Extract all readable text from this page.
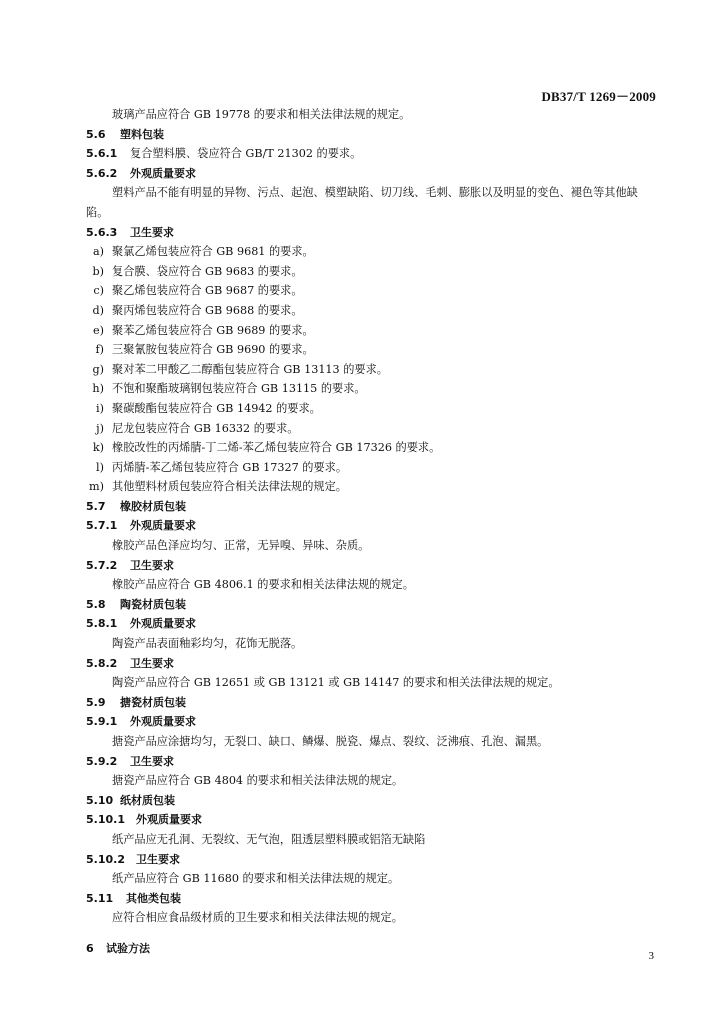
DB37/T 1269－2009
玻璃产品应符合 GB 19778 的要求和相关法律法规的规定。
5.6 塑料包装
5.6.1 复合塑料膜、袋应符合 GB/T 21302 的要求。
5.6.2 外观质量要求
塑料产品不能有明显的异物、污点、起泡、模塑缺陷、切刀线、毛刺、膨胀以及明显的变色、褪色等其他缺陷。
5.6.3 卫生要求
a) 聚氯乙烯包装应符合 GB 9681 的要求。
b) 复合膜、袋应符合 GB 9683 的要求。
c) 聚乙烯包装应符合 GB 9687 的要求。
d) 聚丙烯包装应符合 GB 9688 的要求。
e) 聚苯乙烯包装应符合 GB 9689 的要求。
f) 三聚氰胺包装应符合 GB 9690 的要求。
g) 聚对苯二甲酸乙二醇酯包装应符合 GB 13113 的要求。
h) 不饱和聚酯玻璃钢包装应符合 GB 13115 的要求。
i) 聚碳酸酯包装应符合 GB 14942 的要求。
j) 尼龙包装应符合 GB 16332 的要求。
k) 橡胶改性的丙烯腈-丁二烯-苯乙烯包装应符合 GB 17326 的要求。
l) 丙烯腈-苯乙烯包装应符合 GB 17327 的要求。
m) 其他塑料材质包装应符合相关法律法规的规定。
5.7 橡胶材质包装
5.7.1 外观质量要求
橡胶产品色泽应均匀、正常，无异嗅、异味、杂质。
5.7.2 卫生要求
橡胶产品应符合 GB 4806.1 的要求和相关法律法规的规定。
5.8 陶瓷材质包装
5.8.1 外观质量要求
陶瓷产品表面釉彩均匀，花饰无脱落。
5.8.2 卫生要求
陶瓷产品应符合 GB 12651 或 GB 13121 或 GB 14147 的要求和相关法律法规的规定。
5.9 搪瓷材质包装
5.9.1 外观质量要求
搪瓷产品应涂搪均匀，无裂口、缺口、鳞爆、脱瓷、爆点、裂纹、泛沸痕、孔泡、漏黑。
5.9.2 卫生要求
搪瓷产品应符合 GB 4804 的要求和相关法律法规的规定。
5.10 纸材质包装
5.10.1 外观质量要求
纸产品应无孔洞、无裂纹、无气泡，阻透层塑料膜或铝箔无缺陷
5.10.2 卫生要求
纸产品应符合 GB 11680 的要求和相关法律法规的规定。
5.11 其他类包装
应符合相应食品级材质的卫生要求和相关法律法规的规定。
6 试验方法
3
